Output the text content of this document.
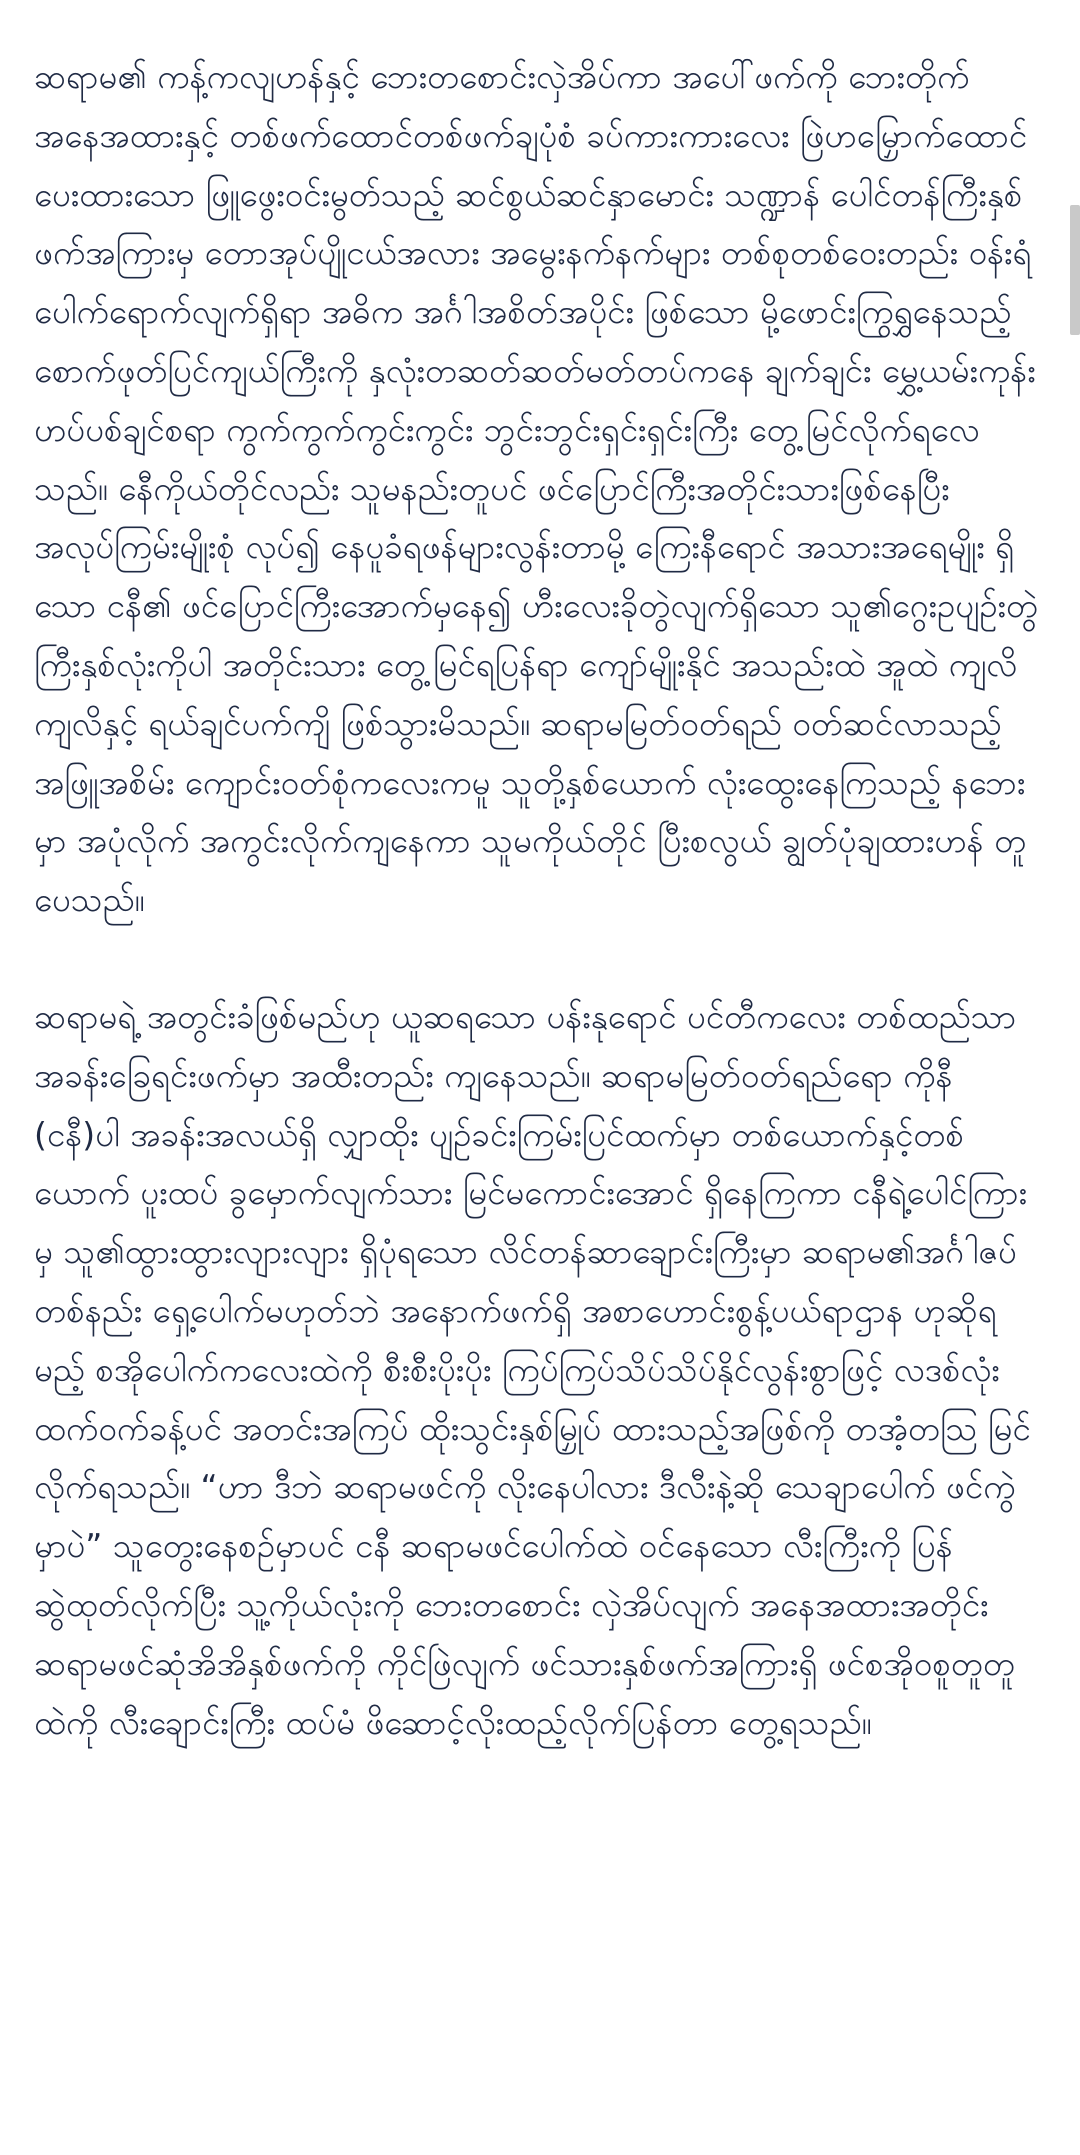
ဆရာမ၏ ကန့်ကလျဟန်နှင့် ဘေးတစောင်းလှဲအိပ်ကာ အပေါ်ဖက်ကို ဘေးတိုက်အနေအထားနှင့် တစ်ဖက်ထောင်တစ်ဖက်ချပုံစံ ခပ်ကားကားလေး ဖြဲဟမြှောက်ထောင်ပေးထားသော ဖြူဖွေးဝင်းမွတ်သည့် ဆင်စွယ်ဆင်နှာမောင်း သဏ္ဍာန် ပေါင်တန်ကြီးနှစ်ဖက်အကြားမှ တောအုပ်ပျိုငယ်အလား အမွေးနက်နက်များ တစ်စုတစ်ဝေးတည်း ဝန်းရံပေါက်ရောက်လျက်ရှိရာ အဓိက အင်္ဂါအစိတ်အပိုင်း ဖြစ်သော မို့ဖောင်းကြွရွှနေသည့် စောက်ဖုတ်ပြင်ကျယ်ကြီးကို နှလုံးတဆတ်ဆတ်မတ်တပ်ကနေ ချက်ချင်း မွှေ့ယမ်းကုန်းဟပ်ပစ်ချင်စရာ ကွက်ကွက်ကွင်းကွင်း ဘွင်းဘွင်းရှင်းရှင်းကြီး တွေ့မြင်လိုက်ရလေသည်။ နေီကိုယ်တိုင်လည်း သူမနည်းတူပင် ဖင်ပြောင်ကြီးအတိုင်းသားဖြစ်နေပြီး အလုပ်ကြမ်းမျိုးစုံ လုပ်၍ နေပူခံရဖန်များလွန်းတာမို့ ကြေးနီရောင် အသားအရေမျိုး ရှိသော ငနီ၏ ဖင်ပြောင်ကြီးအောက်မှနေ၍ ဟီးလေးခိုတွဲလျက်ရှိသော သူ၏ဂွေးဥပျဉ်းတွဲကြီးနှစ်လုံးကိုပါ အတိုင်းသား တွေ့မြင်ရပြန်ရာ ကျော်မျိုးနိုင် အသည်းထဲ အူထဲ ကျလိကျလိနှင့် ရယ်ချင်ပက်ကျိ ဖြစ်သွားမိသည်။ ဆရာမမြတ်ဝတ်ရည် ဝတ်ဆင်လာသည့် အဖြူအစိမ်း ကျောင်းဝတ်စုံကလေးကမူ သူတို့နှစ်ယောက် လုံးထွေးနေကြသည့် နဘေးမှာ အပုံလိုက် အကွင်းလိုက်ကျနေကာ သူမကိုယ်တိုင် ပြီးစလွယ် ချွတ်ပုံချထားဟန် တူပေသည်။

ဆရာမရဲ့ အတွင်းခံဖြစ်မည်ဟု ယူဆရသော ပန်းနုရောင် ပင်တီကလေး တစ်ထည်သာ အခန်းခြေရင်းဖက်မှာ အထီးတည်း ကျနေသည်။ ဆရာမမြတ်ဝတ်ရည်ရော ကိုနီ (ငနီ)ပါ အခန်းအလယ်ရှိ လျှာထိုး ပျဉ်ခင်းကြမ်းပြင်ထက်မှာ တစ်ယောက်နှင့်တစ်ယောက် ပူးထပ် ခွမှောက်လျက်သား မြင်မကောင်းအောင် ရှိနေကြကာ ငနီရဲ့ပေါင်ကြားမှ သူ၏ထွားထွားလျားလျား ရှိပုံရသော လိင်တန်ဆာချောင်းကြီးမှာ ဆရာမ၏အင်္ဂါဇပ် တစ်နည်း ရှေ့ပေါက်မဟုတ်ဘဲ အနောက်ဖက်ရှိ အစာဟောင်းစွန့်ပယ်ရာဌာန ဟုဆိုရမည့် စအိုပေါက်ကလေးထဲကို စီးစီးပိုးပိုး ကြပ်ကြပ်သိပ်သိပ်နိုင်လွန်းစွာဖြင့် လဒစ်လုံးထက်ဝက်ခန့်ပင် အတင်းအကြပ် ထိုးသွင်းနှစ်မြှုပ် ထားသည့်အဖြစ်ကို တအံ့တသြ မြင်လိုက်ရသည်။ “ဟာ ဒီဘဲ ဆရာမဖင်ကို လိုးနေပါလား ဒီလီးနဲ့ဆို သေချာပေါက် ဖင်ကွဲမှာပဲ” သူတွေးနေစဉ်မှာပင် ငနီ ဆရာမဖင်ပေါက်ထဲ ဝင်နေသော လီးကြီးကို ပြန်ဆွဲထုတ်လိုက်ပြီး သူ့ကိုယ်လုံးကို ဘေးတစောင်း လှဲအိပ်လျက် အနေအထားအတိုင်း ဆရာမဖင်ဆုံအိအိနှစ်ဖက်ကို ကိုင်ဖြဲလျက် ဖင်သားနှစ်ဖက်အကြားရှိ ဖင်စအိုဝစူတူတူထဲကို လီးချောင်းကြီး ထပ်မံ ဖိဆောင့်လိုးထည့်လိုက်ပြန်တာ တွေ့ရသည်။
